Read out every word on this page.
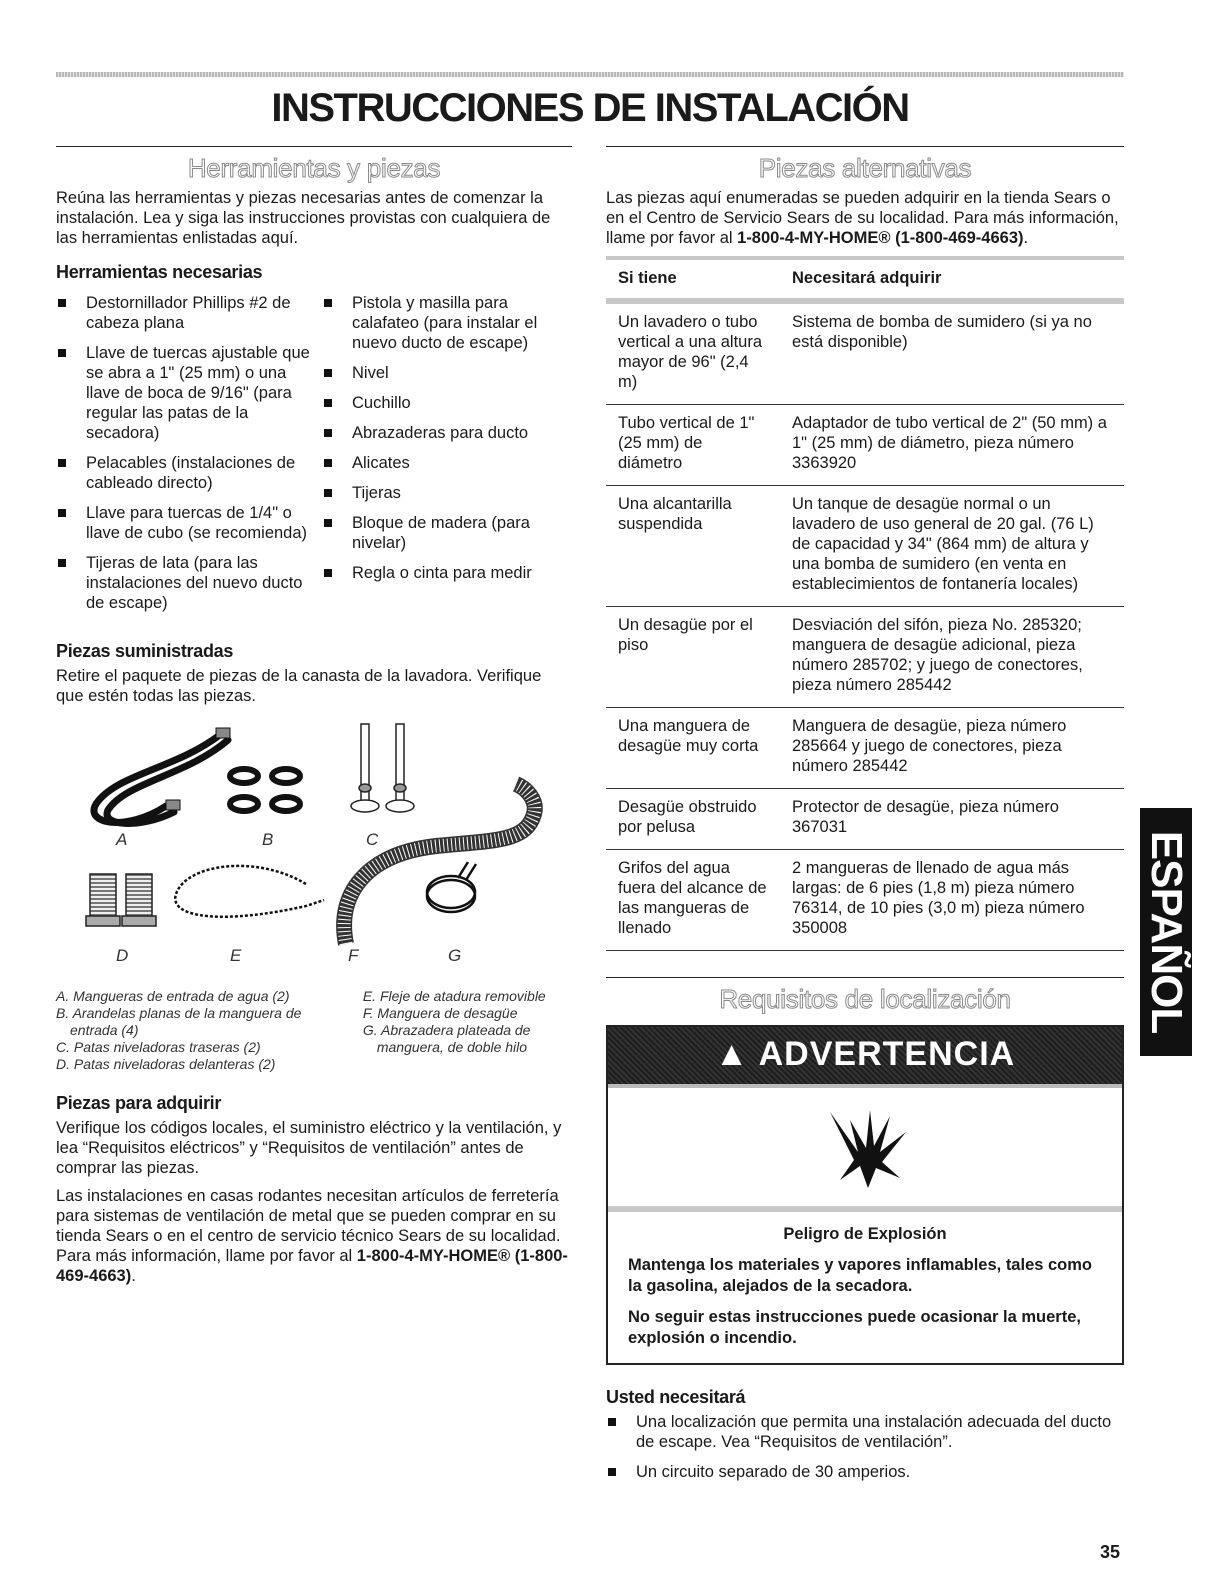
INSTRUCCIONES DE INSTALACIÓN
Herramientas y piezas

Reúna las herramientas y piezas necesarias antes de comenzar la instalación. Lea y siga las instrucciones provistas con cualquiera de las herramientas enlistadas aquí.

Herramientas necesarias
Destornillador Phillips #2 de cabeza plana
Llave de tuercas ajustable que se abra a 1" (25 mm) o una llave de boca de 9/16" (para regular las patas de la secadora)
Pelacables (instalaciones de cableado directo)
Llave para tuercas de 1/4" o llave de cubo (se recomienda)
Tijeras de lata (para las instalaciones del nuevo ducto de escape)
Pistola y masilla para calafateo (para instalar el nuevo ducto de escape)
Nivel
Cuchillo
Abrazaderas para ducto
Alicates
Tijeras
Bloque de madera (para nivelar)
Regla o cinta para medir
Piezas suministradas

Retire el paquete de piezas de la canasta de la lavadora. Verifique que estén todas las piezas.

A	B	C
D	E	F	G
A. Mangueras de entrada de agua (2)
B. Arandelas planas de la manguera de entrada (4)
C. Patas niveladoras traseras (2)
D. Patas niveladoras delanteras (2)
E. Fleje de atadura removible
F. Manguera de desagüe
G. Abrazadera plateada de manguera, de doble hilo
Piezas para adquirir

Verifique los códigos locales, el suministro eléctrico y la ventilación, y lea “Requisitos eléctricos” y “Requisitos de ventilación” antes de comprar las piezas.

Las instalaciones en casas rodantes necesitan artículos de ferretería para sistemas de ventilación de metal que se pueden comprar en su tienda Sears o en el centro de servicio técnico Sears de su localidad. Para más información, llame por favor al 1-800-4-MY-HOME® (1-800-469-4663).

Piezas alternativas

Las piezas aquí enumeradas se pueden adquirir en la tienda Sears o en el Centro de Servicio Sears de su localidad. Para más información, llame por favor al 1-800-4-MY-HOME® (1-800-469-4663).

Si tiene	Necesitará adquirir
Un lavadero o tubo vertical a una altura mayor de 96" (2,4 m)	Sistema de bomba de sumidero (si ya no está disponible)
Tubo vertical de 1" (25 mm) de diámetro	Adaptador de tubo vertical de 2" (50 mm) a 1" (25 mm) de diámetro, pieza número 3363920
Una alcantarilla suspendida	Un tanque de desagüe normal o un lavadero de uso general de 20 gal. (76 L) de capacidad y 34" (864 mm) de altura y una bomba de sumidero (en venta en establecimientos de fontanería locales)
Un desagüe por el piso	Desviación del sifón, pieza No. 285320; manguera de desagüe adicional, pieza número 285702; y juego de conectores, pieza número 285442
Una manguera de desagüe muy corta	Manguera de desagüe, pieza número 285664 y juego de conectores, pieza número 285442
Desagüe obstruido por pelusa	Protector de desagüe, pieza número 367031
Grifos del agua fuera del alcance de las mangueras de llenado	2 mangueras de llenado de agua más largas: de 6 pies (1,8 m) pieza número 76314, de 10 pies (3,0 m) pieza número 350008
Requisitos de localización
▲ ADVERTENCIA

Peligro de Explosión

Mantenga los materiales y vapores inflamables, tales como la gasolina, alejados de la secadora.

No seguir estas instrucciones puede ocasionar la muerte, explosión o incendio.

Usted necesitará
Una localización que permita una instalación adecuada del ducto de escape. Vea “Requisitos de ventilación”.
Un circuito separado de 30 amperios.
ESPAÑOL
35
